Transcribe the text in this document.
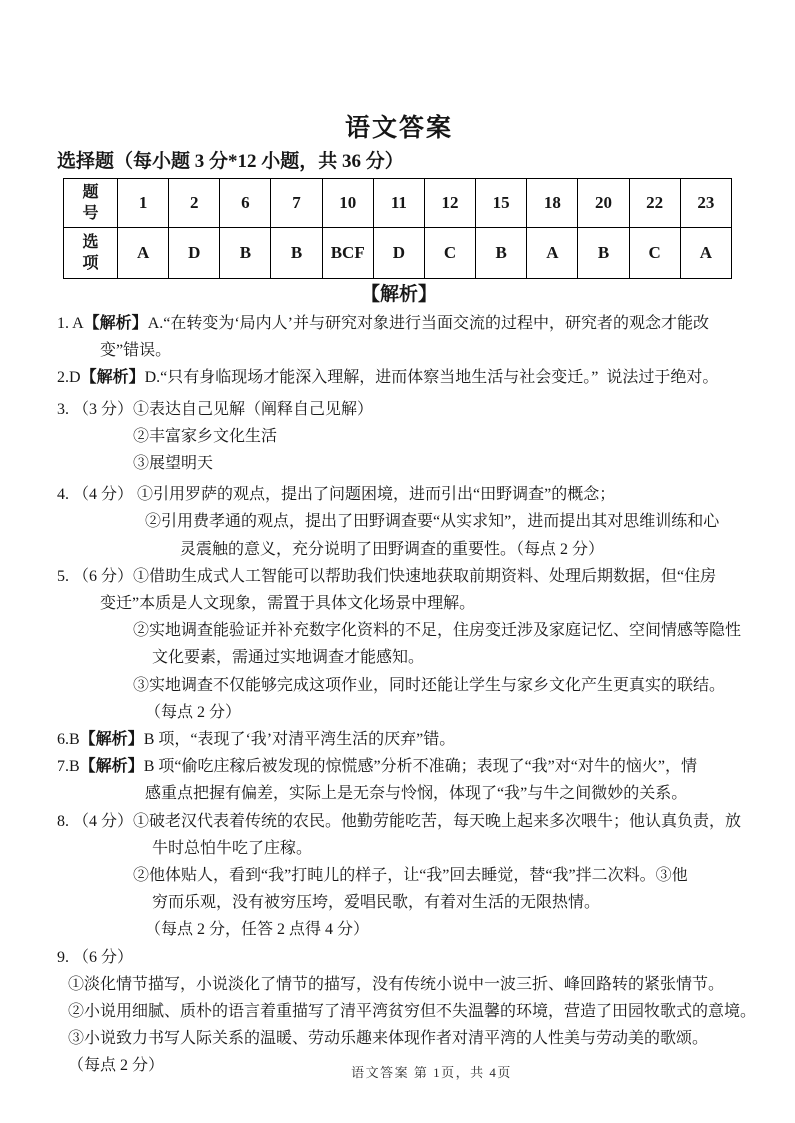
语文答案
选择题（每小题 3 分*12 小题，共 36 分）
题号	1	2	6	7	10	11	12	15	18	20	22	23
选项	A	D	B	B	BCF	D	C	B	A	B	C	A
【解析】
1. A【解析】A.“在转变为‘局内人’并与研究对象进行当面交流的过程中，研究者的观念才能改
变”错误。
2.D【解析】D.“只有身临现场才能深入理解，进而体察当地生活与社会变迁。”  说法过于绝对。
3. （3 分）①表达自己见解（阐释自己见解）
②丰富家乡文化生活
③展望明天
4. （4 分） ①引用罗萨的观点，提出了问题困境，进而引出“田野调查”的概念；
②引用费孝通的观点，提出了田野调查要“从实求知”，进而提出其对思维训练和心
灵震触的意义，充分说明了田野调查的重要性。（每点 2 分）
5. （6 分）①借助生成式人工智能可以帮助我们快速地获取前期资料、处理后期数据，但“住房
变迁”本质是人文现象，需置于具体文化场景中理解。
②实地调查能验证并补充数字化资料的不足，住房变迁涉及家庭记忆、空间情感等隐性
文化要素，需通过实地调查才能感知。
③实地调查不仅能够完成这项作业，同时还能让学生与家乡文化产生更真实的联结。
（每点 2 分）
6.B【解析】B 项，“表现了‘我’对清平湾生活的厌弃”错。
7.B【解析】B 项“偷吃庄稼后被发现的惊慌感”分析不准确；表现了“我”对“对牛的恼火”，情
感重点把握有偏差，实际上是无奈与怜悯，体现了“我”与牛之间微妙的关系。
8. （4 分）①破老汉代表着传统的农民。他勤劳能吃苦，每天晚上起来多次喂牛；他认真负责，放
牛时总怕牛吃了庄稼。
②他体贴人，看到“我”打盹儿的样子，让“我”回去睡觉，替“我”拌二次料。③他
穷而乐观，没有被穷压垮，爱唱民歌，有着对生活的无限热情。
（每点 2 分，任答 2 点得 4 分）
9. （6 分）
①淡化情节描写，小说淡化了情节的描写，没有传统小说中一波三折、峰回路转的紧张情节。
②小说用细腻、质朴的语言着重描写了清平湾贫穷但不失温馨的环境，营造了田园牧歌式的意境。
③小说致力书写人际关系的温暖、劳动乐趣来体现作者对清平湾的人性美与劳动美的歌颂。
（每点 2 分）	语文答案 第 1页，共 4页
